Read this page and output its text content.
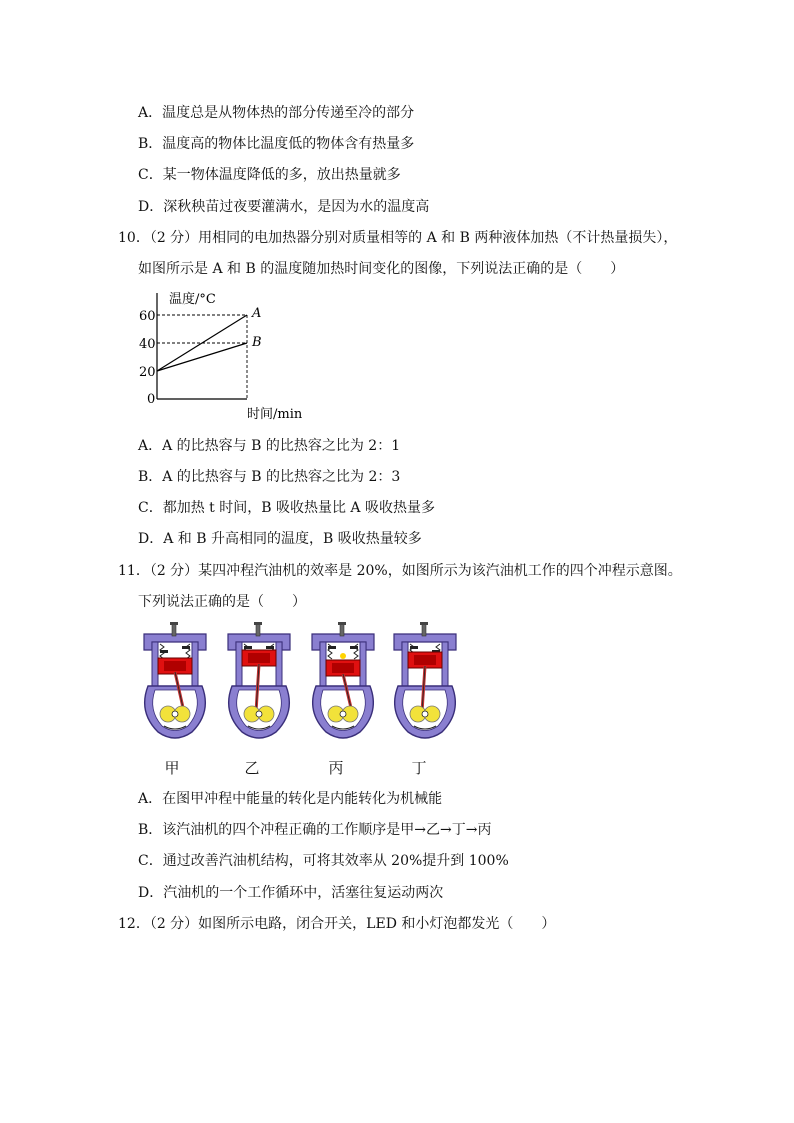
A．温度总是从物体热的部分传递至冷的部分
B．温度高的物体比温度低的物体含有热量多
C．某一物体温度降低的多，放出热量就多
D．深秋秧苗过夜要灌满水，是因为水的温度高
10．（2 分）用相同的电加热器分别对质量相等的 A 和 B 两种液体加热（不计热量损失），
如图所示是 A 和 B 的温度随加热时间变化的图像，下列说法正确的是（　　）
温度/°C
60
40
20
0
A
B
时间/min
A．A 的比热容与 B 的比热容之比为 2：1
B．A 的比热容与 B 的比热容之比为 2：3
C．都加热 t 时间，B 吸收热量比 A 吸收热量多
D．A 和 B 升高相同的温度，B 吸收热量较多
11．（2 分）某四冲程汽油机的效率是 20%，如图所示为该汽油机工作的四个冲程示意图。
下列说法正确的是（　　）
甲	乙	丙	丁
A．在图甲冲程中能量的转化是内能转化为机械能
B．该汽油机的四个冲程正确的工作顺序是甲→乙→丁→丙
C．通过改善汽油机结构，可将其效率从 20%提升到 100%
D．汽油机的一个工作循环中，活塞往复运动两次
12．（2 分）如图所示电路，闭合开关，LED 和小灯泡都发光（　　）
